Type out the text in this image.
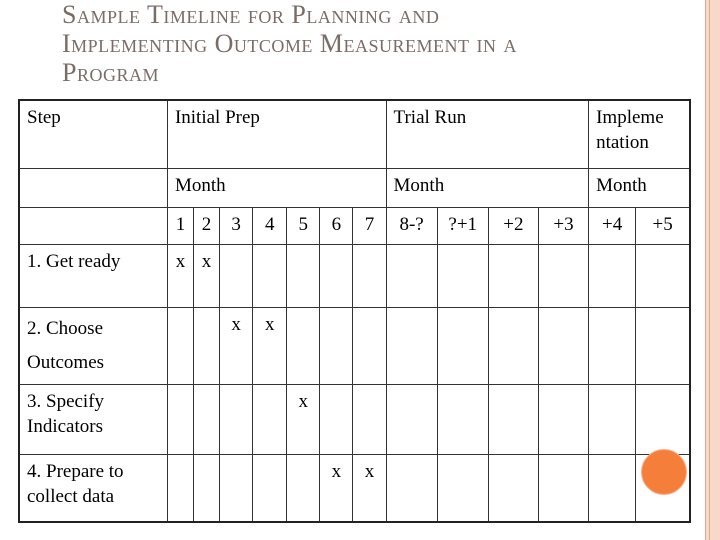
Sample Timeline for Planning and
Implementing Outcome Measurement in a
Program
Step	Initial Prep							Trial Run				Impleme ntation	
	Month							Month				Month	
	1	2	3	4	5	6	7	8-?	?+1	+2	+3	+4	+5
1. Get ready	x	x											
2. Choose Outcomes			x	x									
3. Specify Indicators					x								
4. Prepare to collect data						x	x						
